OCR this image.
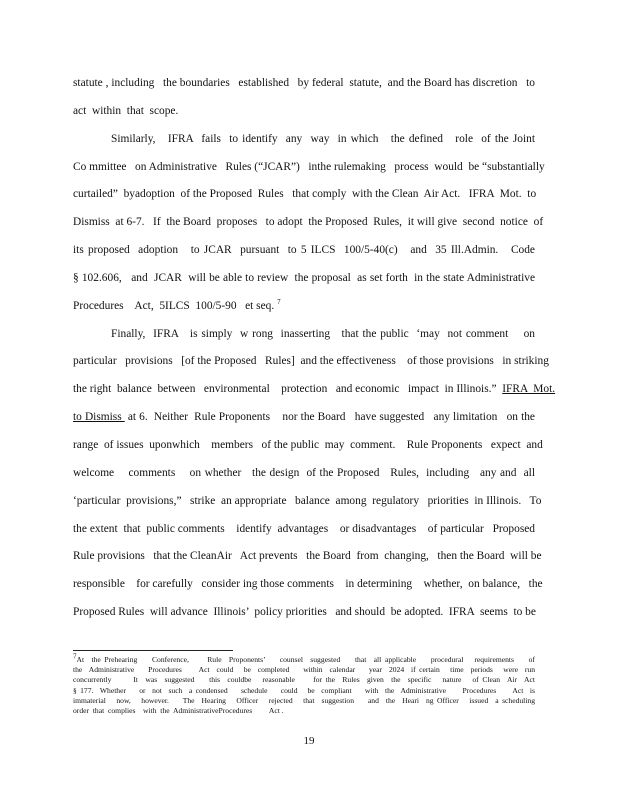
statute , including   the boundaries   established   by federal  statute,  and the Board has discretion   to
act  within  that  scope.
Similarly,   IFRA  fails  to identify  any  way  in which   the defined   role  of the Joint
Co mmittee   on Administrative   Rules (“JCAR”)   inthe rulemaking   process  would  be “substantially
curtailed”  byadoption  of the Proposed  Rules   that comply  with the Clean  Air Act.   IFRA  Mot.  to
Dismiss  at 6-7.   If  the Board  proposes   to adopt  the Proposed  Rules,  it will give  second  notice  of
its proposed  adoption   to JCAR  pursuant  to 5 ILCS  100/5-40(c)   and  35 Ill.Admin.   Code
§ 102.606,   and  JCAR  will be able to review  the proposal  as set forth  in the state Administrative
Procedures    Act,  5ILCS  100/5-90   et seq. $^7$
Finally,  IFRA   is simply  w rong  inasserting   that the public  ‘may  not comment    on
particular   provisions   [of the Proposed   Rules]  and the effectiveness    of those provisions   in striking
the right  balance  between   environmental    protection   and economic   impact  in Illinois.”  IFRA  Mot.
to Dismiss  at 6.  Neither  Rule Proponents    nor the Board   have suggested   any limitation   on the
range  of issues  uponwhich    members   of the public  may  comment.    Rule Proponents   expect  and
welcome    comments    on whether   the design  of the Proposed   Rules,  including   any and  all
‘particular  provisions,”   strike  an appropriate   balance  among  regulatory   priorities  in Illinois.   To
the extent  that  public comments    identify  advantages    or disadvantages    of particular   Proposed
Rule provisions   that the CleanAir   Act prevents   the Board  from  changing,   then the Board  will be
responsible    for carefully   consider ing those comments    in determining    whether,  on balance,   the
Proposed Rules  will advance  Illinois’  policy priorities   and should  be adopted.  IFRA  seems  to be
$^7$At  the Prehearing    Conference,     Rule  Proponents’    counsel  suggested    that  all applicable    procedural   requirements    of
the  Administrative    Procedures     Act  could   be  completed    within  calendar    year  2024  if certain   time  periods   were  run
concurrently      It  was  suggested    this  couldbe   reasonable     for the  Rules  given  the  specific   nature   of Clean  Air  Act
§ 177.  Whether    or  not  such  a condensed    schedule    could   be  compliant    with  the  Administrative     Procedures     Act  is
immaterial   now,   however.    The  Hearing   Officer   rejected   that  suggestion    and  the  Heari  ng Officer   issued  a scheduling
order  that  complies    with  the  AdministrativeProcedures         Act .
19
